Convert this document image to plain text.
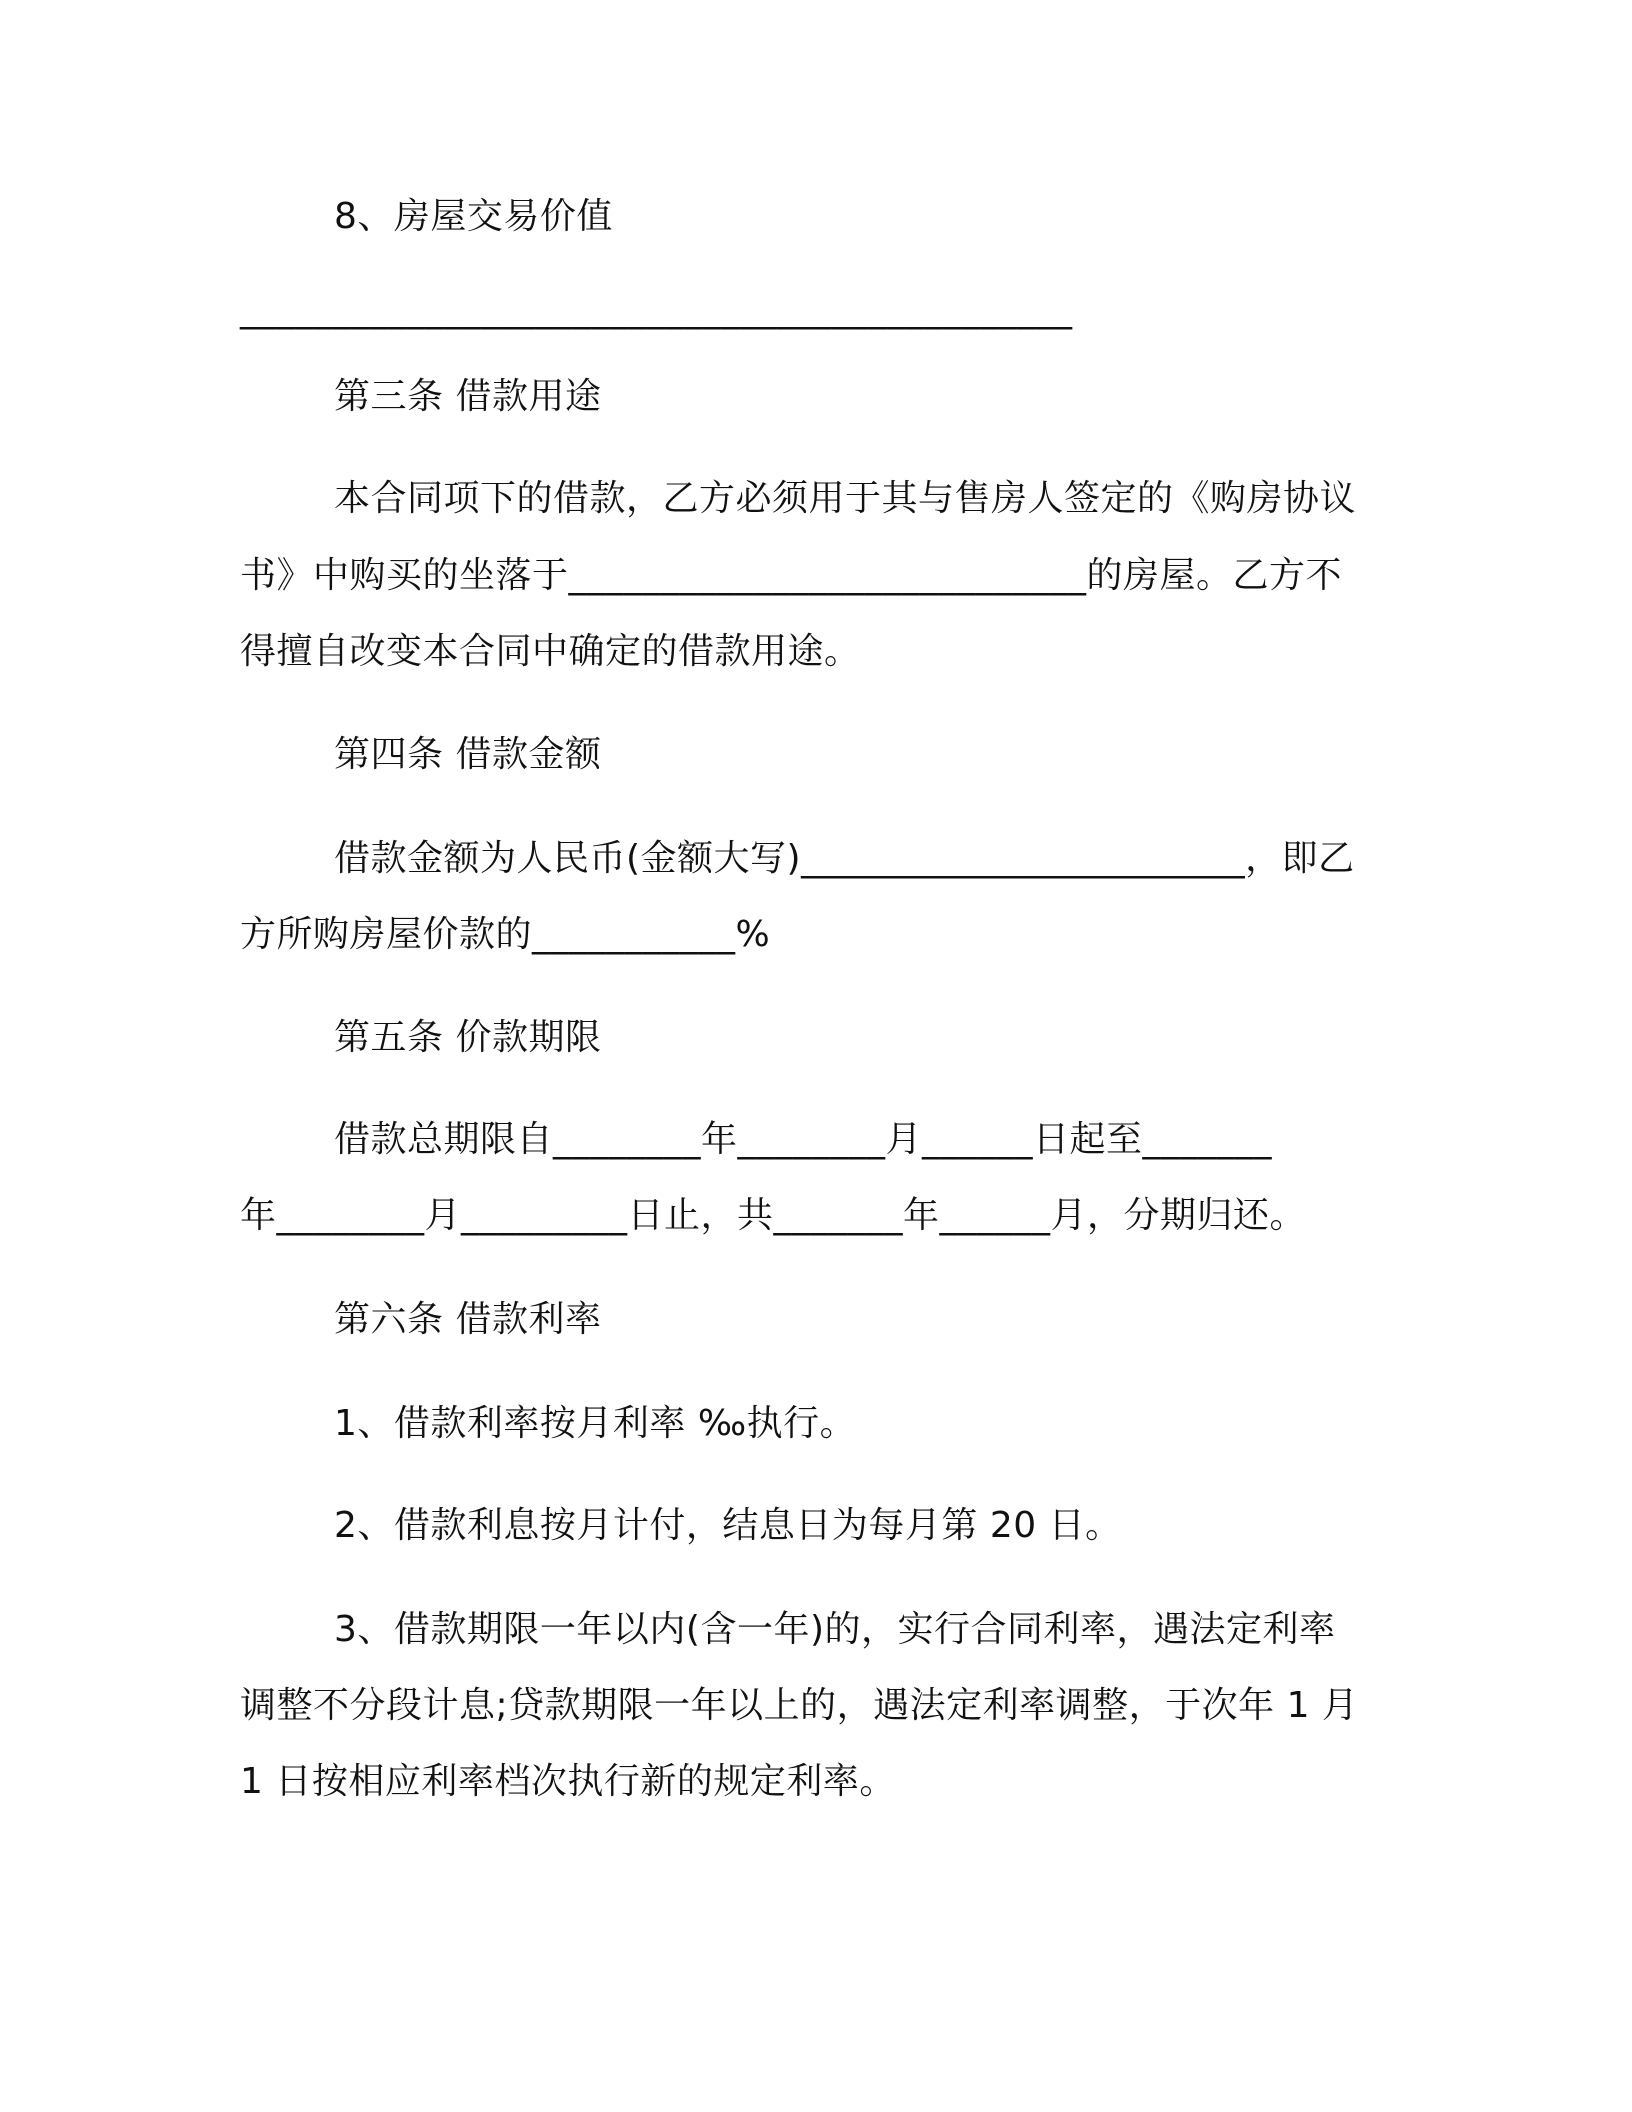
8、房屋交易价值

_____________________________________________

第三条 借款用途

本合同项下的借款，乙方必须用于其与售房人签定的《购房协议

书》中购买的坐落于____________________________的房屋。乙方不

得擅自改变本合同中确定的借款用途。

第四条 借款金额

借款金额为人民币(金额大写)________________________，即乙

方所购房屋价款的___________%

第五条 价款期限

借款总期限自________年________月______日起至_______

年________月_________日止，共_______年______月，分期归还。

第六条 借款利率

1、借款利率按月利率 ‰执行。

2、借款利息按月计付，结息日为每月第 20 日。

3、借款期限一年以内(含一年)的，实行合同利率，遇法定利率

调整不分段计息;贷款期限一年以上的，遇法定利率调整，于次年 1 月

1 日按相应利率档次执行新的规定利率。
